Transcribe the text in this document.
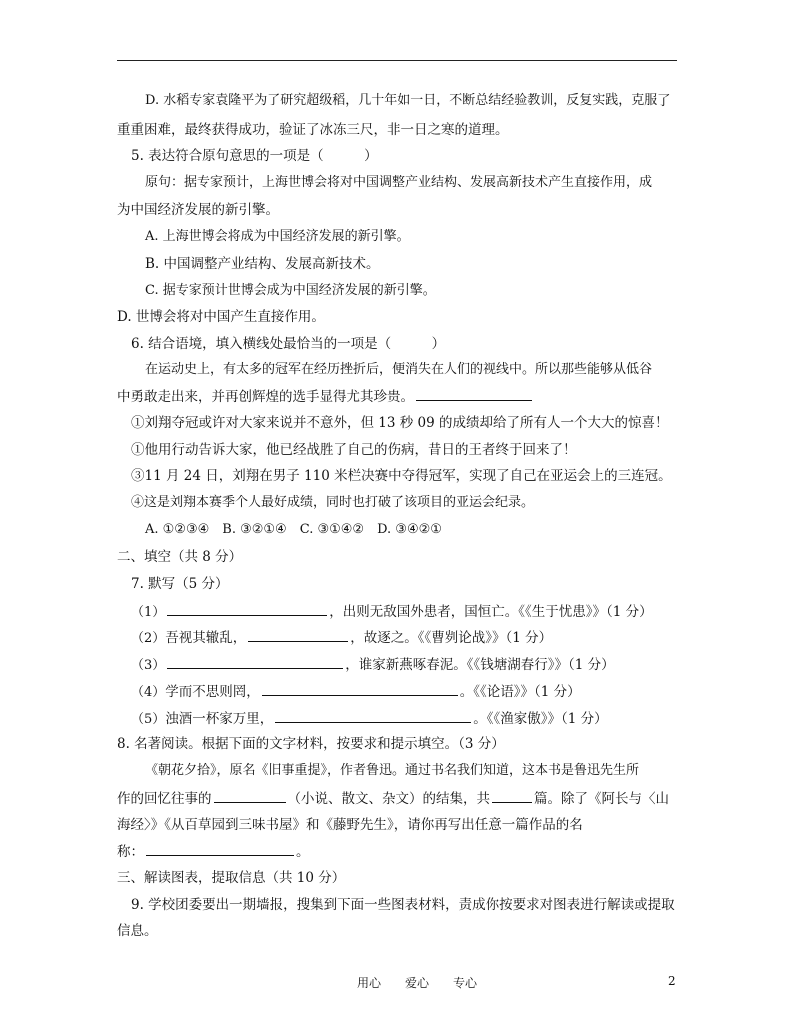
D. 水稻专家袁隆平为了研究超级稻，几十年如一日，不断总结经验教训，反复实践，克服 了
重重困难，最终获得成功，验证了冰冻三尺，非一日之寒的道理。
5. 表达符合原句意思的一项是（　　　）
原句：据专家预计，上海世博会将对中国调整产业结构、发展高新技术产生直接作用，成
为中国经济发展的新引擎。
A. 上海世博会将成为中国经济发展的新引擎。
B. 中国调整产业结构、发展高新技术。
C. 据专家预计世博会成为中国经济发展的新引擎。
D. 世博会将对中国产生直接作用。
6. 结合语境，填入横线处最恰当的一项是（　　　）
在运动史上，有太多的冠军在经历挫折后，便消失在人们的视线中。所以那些能够从低谷
中勇敢走出来，并再创辉煌的选手显得尤其珍贵。
①刘翔夺冠或许对大家来说并不意外，但 13 秒 09 的成绩却给了所有人一个大大的惊喜！
①他用行动告诉大家，他已经战胜了自己的伤病，昔日的王者终于回来了！
③11 月 24 日，刘翔在男子 110 米栏决赛中夺得冠军，实现了自己在亚运会上的三连冠。
④这是刘翔本赛季个人最好成绩，同时也打破了该项目的亚运会纪录。
A. ①②③④　B. ③②①④　C. ③①④②　D. ③④②①
二、填空（共 8 分）
7. 默写（5 分）
（1）	，出则无敌国外患者，国恒亡。《《生于忧患》》（1 分）
（2）吾视其辙乱，	，故逐之。《《曹刿论战》》（1 分）
（3）	，谁家新燕啄春泥。《《钱塘湖春行》》（1 分）
（4）学而不思则罔，	。《《论语》》（1 分）
（5）浊酒一杯家万里，	。《《渔家傲》》（1 分）
8. 名著阅读。根据下面的文字材料，按要求和提示填空。（3 分）
《朝花夕拾》，原名《旧事重提》，作者鲁迅。通过书名我们知道，这本书是鲁迅先生所
作的回忆往事的	（小说、散文、杂文）的结集，共	篇。除了《阿长与〈山
海经〉》《从百草园到三味书屋》和《藤野先生》，请你再写出任意一篇作品的名
称：	。
三、解读图表，提取信息（共 10 分）
9. 学校团委要出一期墙报，搜集到下面一些图表材料，责成你按要求对图表进行解读或提取
信息。
用心　　爱心　　专心	2
